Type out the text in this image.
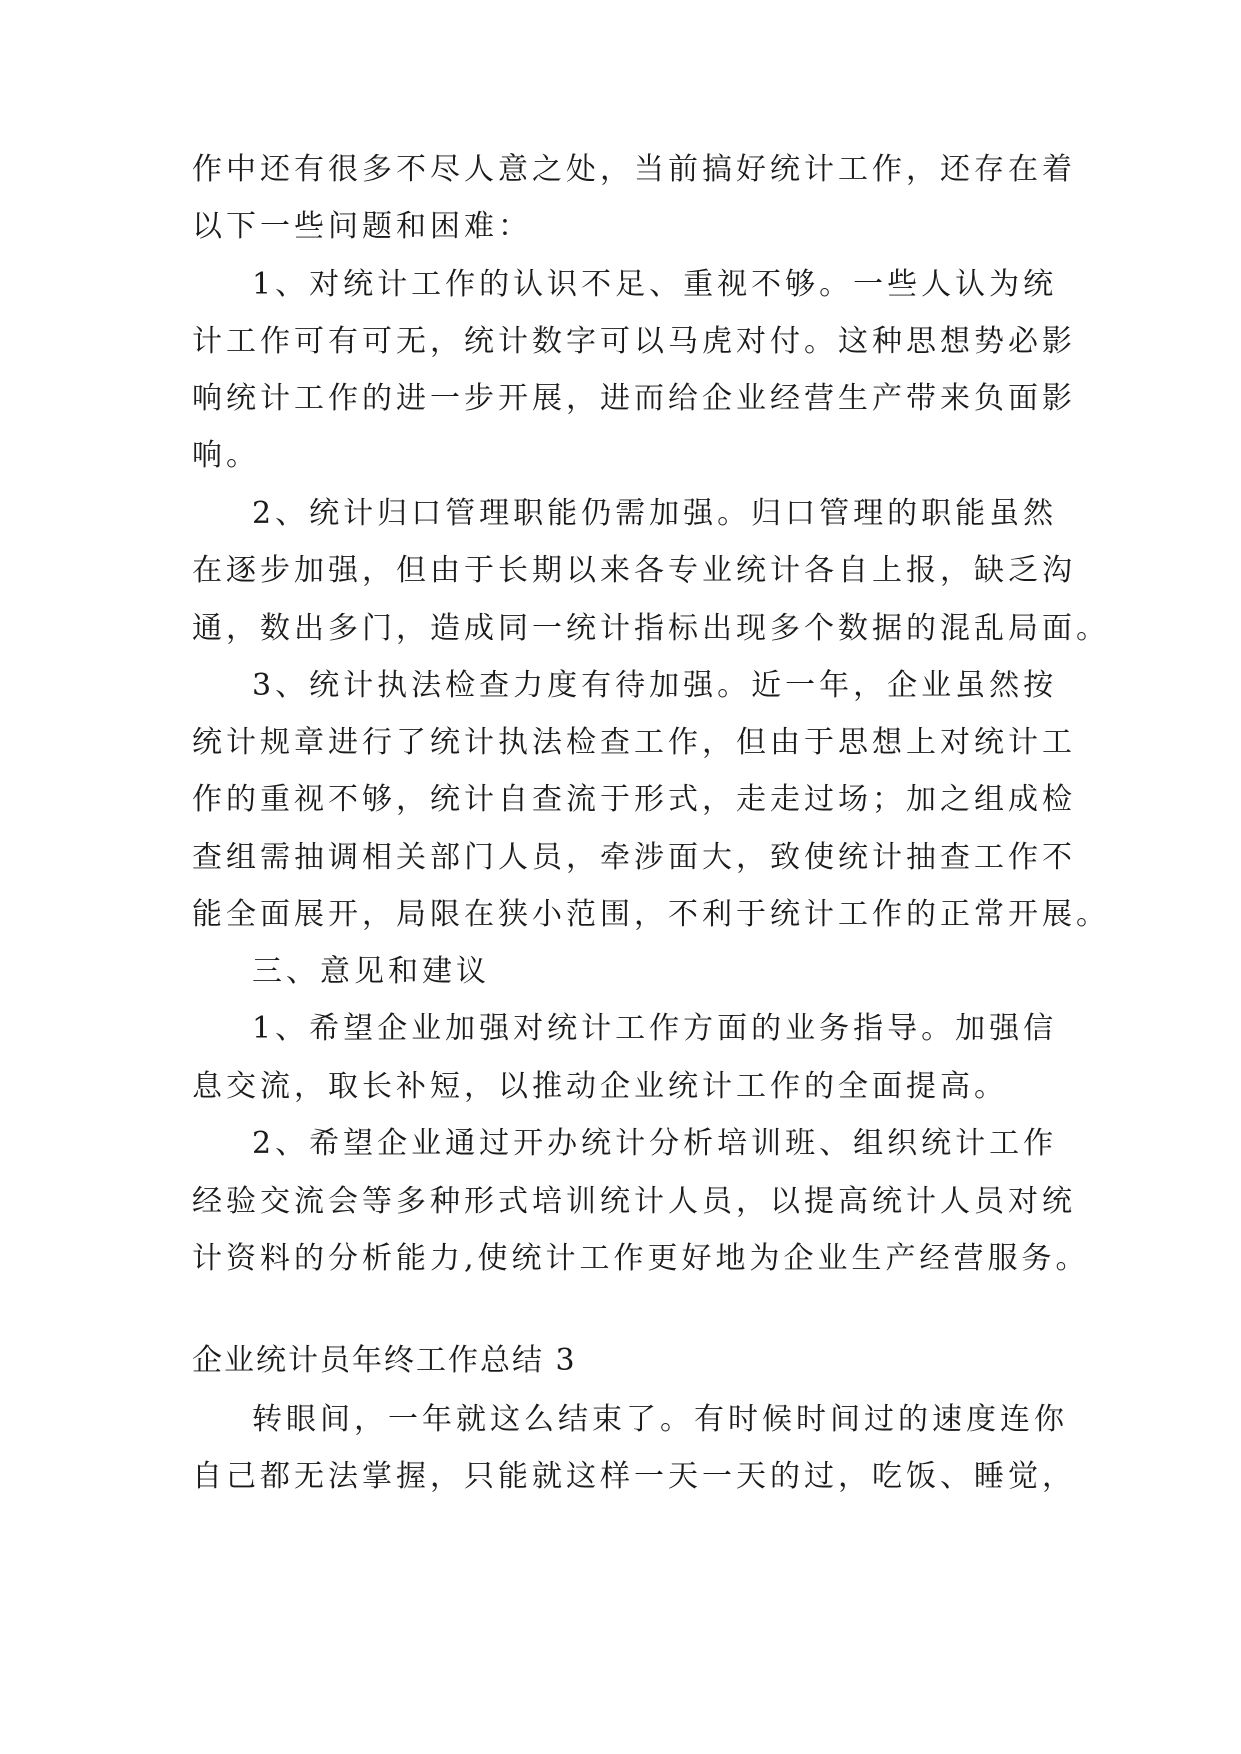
作中还有很多不尽人意之处，当前搞好统计工作，还存在着
以下一些问题和困难：
1、对统计工作的认识不足、重视不够。一些人认为统
计工作可有可无，统计数字可以马虎对付。这种思想势必影
响统计工作的进一步开展，进而给企业经营生产带来负面影
响。
2、统计归口管理职能仍需加强。归口管理的职能虽然
在逐步加强，但由于长期以来各专业统计各自上报，缺乏沟
通，数出多门，造成同一统计指标出现多个数据的混乱局面。
3、统计执法检查力度有待加强。近一年，企业虽然按
统计规章进行了统计执法检查工作，但由于思想上对统计工
作的重视不够，统计自查流于形式，走走过场；加之组成检
查组需抽调相关部门人员，牵涉面大，致使统计抽查工作不
能全面展开，局限在狭小范围，不利于统计工作的正常开展。
三、意见和建议
1、希望企业加强对统计工作方面的业务指导。加强信
息交流，取长补短，以推动企业统计工作的全面提高。
2、希望企业通过开办统计分析培训班、组织统计工作
经验交流会等多种形式培训统计人员，以提高统计人员对统
计资料的分析能力,使统计工作更好地为企业生产经营服务。
企业统计员年终工作总结 3
转眼间，一年就这么结束了。有时候时间过的速度连你
自己都无法掌握，只能就这样一天一天的过，吃饭、睡觉，
